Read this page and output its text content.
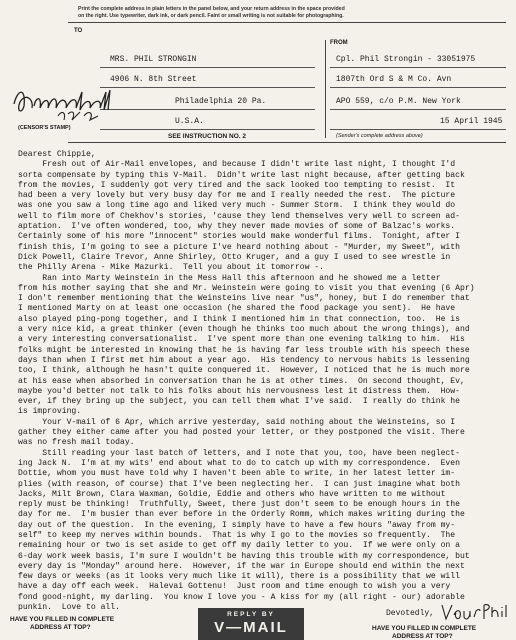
Print the complete address in plain letters in the panel below, and your return address in the space provided
on the right. Use typewriter, dark ink, or dark pencil. Faint or small writing is not suitable for photographing.
TO
FROM
MRS. PHIL STRONGIN
4906 N. 8th Street
Philadelphia 20 Pa.
U.S.A.
Cpl. Phil Strongin - 33051975
1807th Ord S & M Co. Avn
APO 559, c/o P.M. New York
15 April 1945
(CENSOR'S STAMP)
SEE INSTRUCTION NO. 2	(Sender's complete address above)

Dearest Chippie,

Fresh out of Air-Mail envelopes, and because I didn't write last night, I thought I'd

sorta compensate by typing this V-Mail.  Didn't write last night because, after getting back

from the movies, I suddenly got very tired and the sack looked too tempting to resist.  It

had been a very lovely but very busy day for me and I really needed the rest.  The picture

was one you saw a long time ago and liked very much - Summer Storm.  I think they would do

well to film more of Chekhov's stories, 'cause they lend themselves very well to screen ad-

aptation.  I've often wondered, too, why they never made movies of some of Balzac's works.

Certainly some of his more "innocent" stories would make wonderful films.  Tonight, after I

finish this, I'm going to see a picture I've heard nothing about - "Murder, my Sweet", with

Dick Powell, Claire Trevor, Anne Shirley, Otto Kruger, and a guy I used to see wrestle in

the Philly Arena - Mike Mazurki.  Tell you about it tomorrow -.

Ran into Marty Weinstein in the Mess Hall this afternoon and he showed me a letter

from his mother saying that she and Mr. Weinstein were going to visit you that evening (6 Apr)

I don't remember mentioning that the Weinsteins live near "us", honey, but I do remember that

I mentioned Marty on at least one occasion (he shared the food package you sent).  He have

also played ping-pong together, and I think I mentioned him in that connection, too.  He is

a very nice kid, a great thinker (even though he thinks too much about the wrong things), and

a very interesting conversationalist.  I've spent more than one evening talking to him.  His

folks might be interested in knowing that he is having far less trouble with his speech these

days than when I first met him about a year ago.  His tendency to nervous habits is lessening

too, I think, although he hasn't quite conquered it.  However, I noticed that he is much more

at his ease when absorbed in conversation than he is at other times.  On second thought, Ev,

maybe you'd better not talk to his folks about his nervousness lest it distress them.  How-

ever, if they bring up the subject, you can tell them what I've said.  I really do think he

is improving.

Your V-mail of 6 Apr, which arrive yesterday, said nothing about the Weinsteins, so I

gather they either came after you had posted your letter, or they postponed the visit. There

was no fresh mail today.

Still reading your last batch of letters, and I note that you, too, have been neglect-

ing Jack N.  I'm at my wits' end about what to do to catch up with my correspondence.  Even

Dottie, whom you must have told why I haven't been able to write, in her latest letter im-

plies (with reason, of course) that I've been neglecting her.  I can just imagine what both

Jacks, Milt Brown, Clara Waxman, Goldie, Eddie and others who have written to me without

reply must be thinking!  Truthfully, Sweet, there just don't seem to be enough hours in the

day for me.  I'm busier than ever before in the Orderly Romm, which makes writing during the

day out of the question.  In the evening, I simply have to have a few hours "away from my-

self" to keep my nerves within bounds.  That is why I go to the movies so frequently.  The

remaining hour or two is set aside to get off my daily letter to you.  If we were only on a

6-day work week basis, I'm sure I wouldn't be having this trouble with my correspondence, but

every day is "Monday" around here.  However, if the war in Europe should end within the next

few days or weeks (as it looks very much like it will), there is a possibility that we will

have a day off each week.  Halevai Gottenu!  Just room and time enough to wish you a very

fond good-night, my darling.  You know I love you - A kiss for my (all right - our) adorable

punkin.  Love to all.

HAVE YOU FILLED IN COMPLETE
ADDRESS AT TOP?
REPLY BY
V—MAIL
Devotedly,
HAVE YOU FILLED IN COMPLETE
ADDRESS AT TOP?
